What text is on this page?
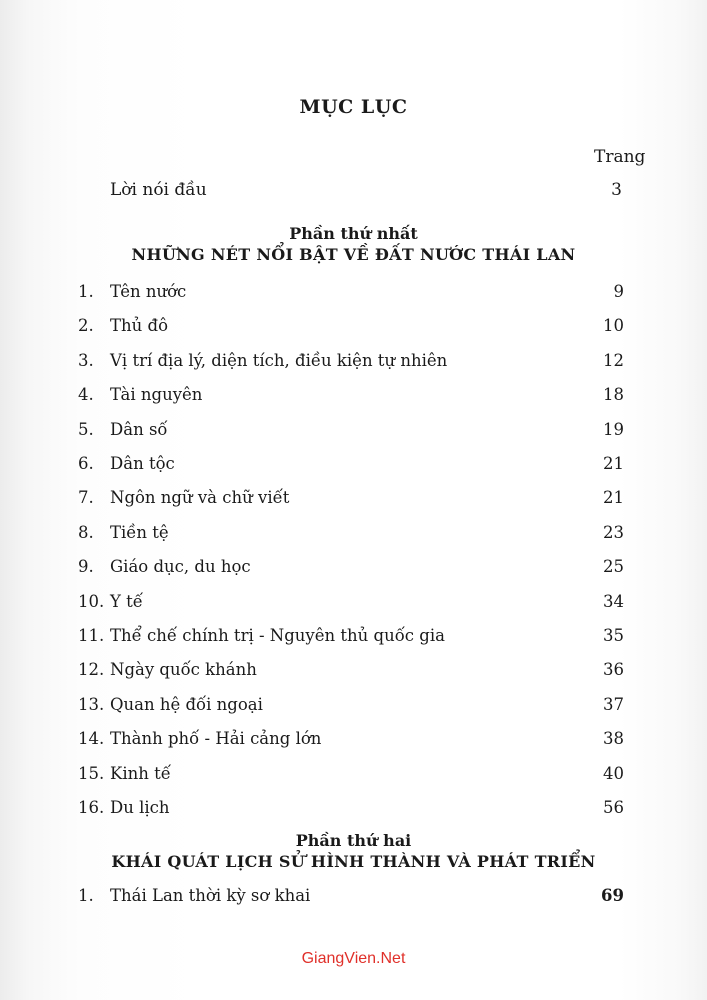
MỤC LỤC
Trang
Lời nói đầu	3
Phần thứ nhất
NHỮNG NÉT NỔI BẬT VỀ ĐẤT NƯỚC THÁI LAN
1. Tên nước	9
2. Thủ đô	10
3. Vị trí địa lý, diện tích, điều kiện tự nhiên	12
4. Tài nguyên	18
5. Dân số	19
6. Dân tộc	21
7. Ngôn ngữ và chữ viết	21
8. Tiền tệ	23
9. Giáo dục, du học	25
10. Y tế	34
11. Thể chế chính trị - Nguyên thủ quốc gia	35
12. Ngày quốc khánh	36
13. Quan hệ đối ngoại	37
14. Thành phố - Hải cảng lớn	38
15. Kinh tế	40
16. Du lịch	56
Phần thứ hai
KHÁI QUÁT LỊCH SỬ HÌNH THÀNH VÀ PHÁT TRIỂN
1. Thái Lan thời kỳ sơ khai	69
GiangVien.Net
